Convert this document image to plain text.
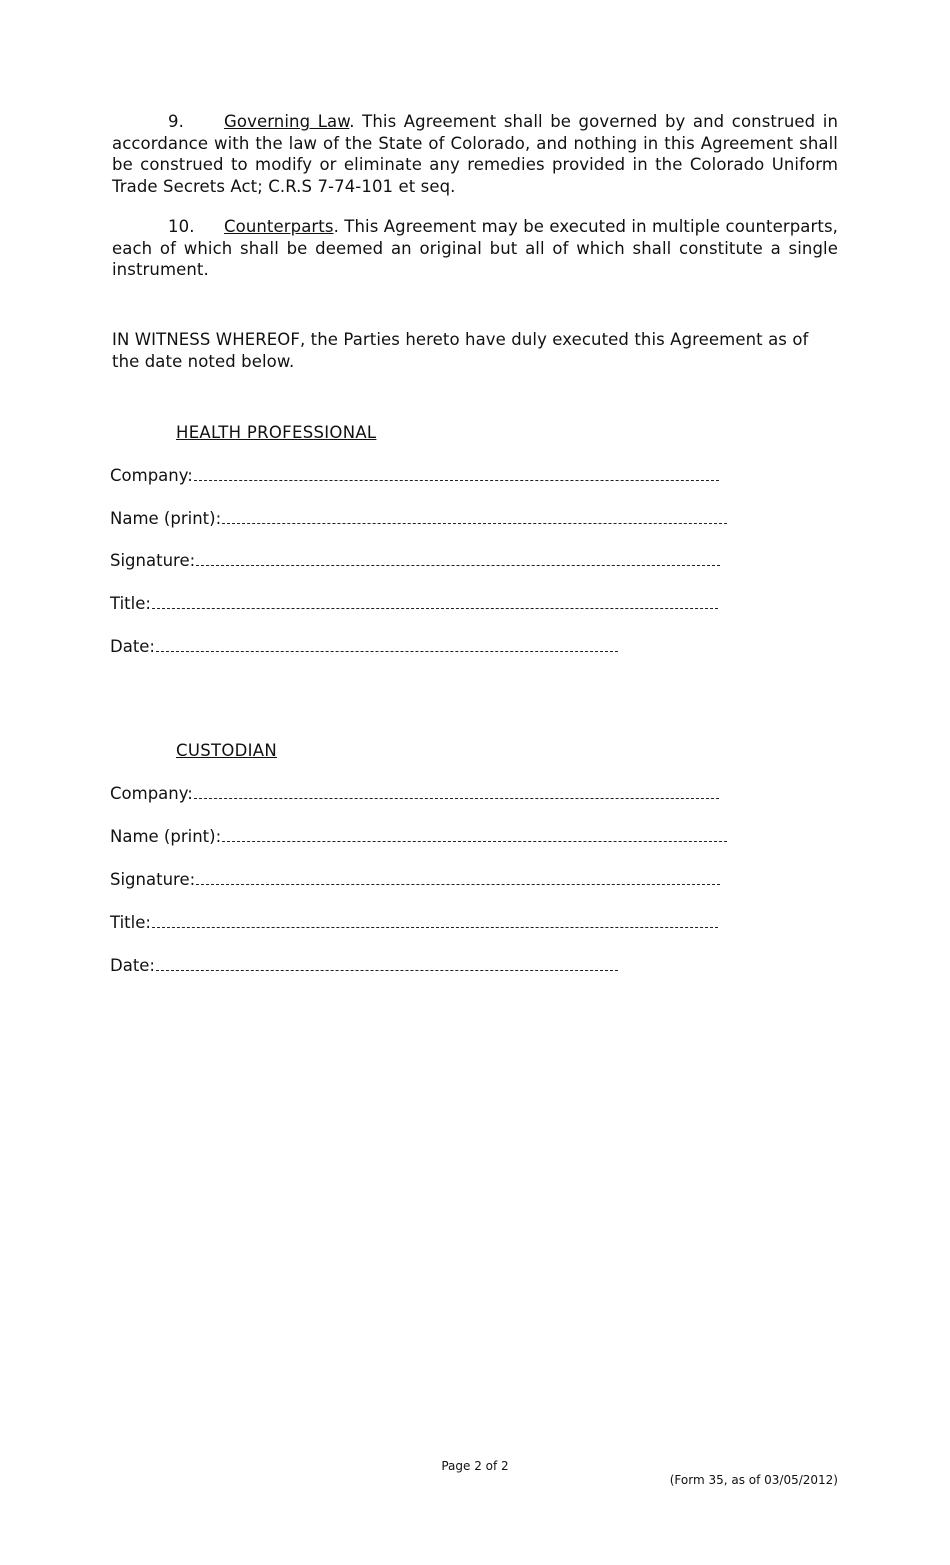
9. Governing Law. This Agreement shall be governed by and construed in accordance with the law of the State of Colorado, and nothing in this Agreement shall be construed to modify or eliminate any remedies provided in the Colorado Uniform Trade Secrets Act; C.R.S 7-74-101 et seq.
10. Counterparts. This Agreement may be executed in multiple counterparts, each of which shall be deemed an original but all of which shall constitute a single instrument.
IN WITNESS WHEREOF, the Parties hereto have duly executed this Agreement as of the date noted below.
HEALTH PROFESSIONAL
Company:
Name (print):
Signature:
Title:
Date:
CUSTODIAN
Company:
Name (print):
Signature:
Title:
Date:
Page 2 of 2
(Form 35, as of 03/05/2012)
